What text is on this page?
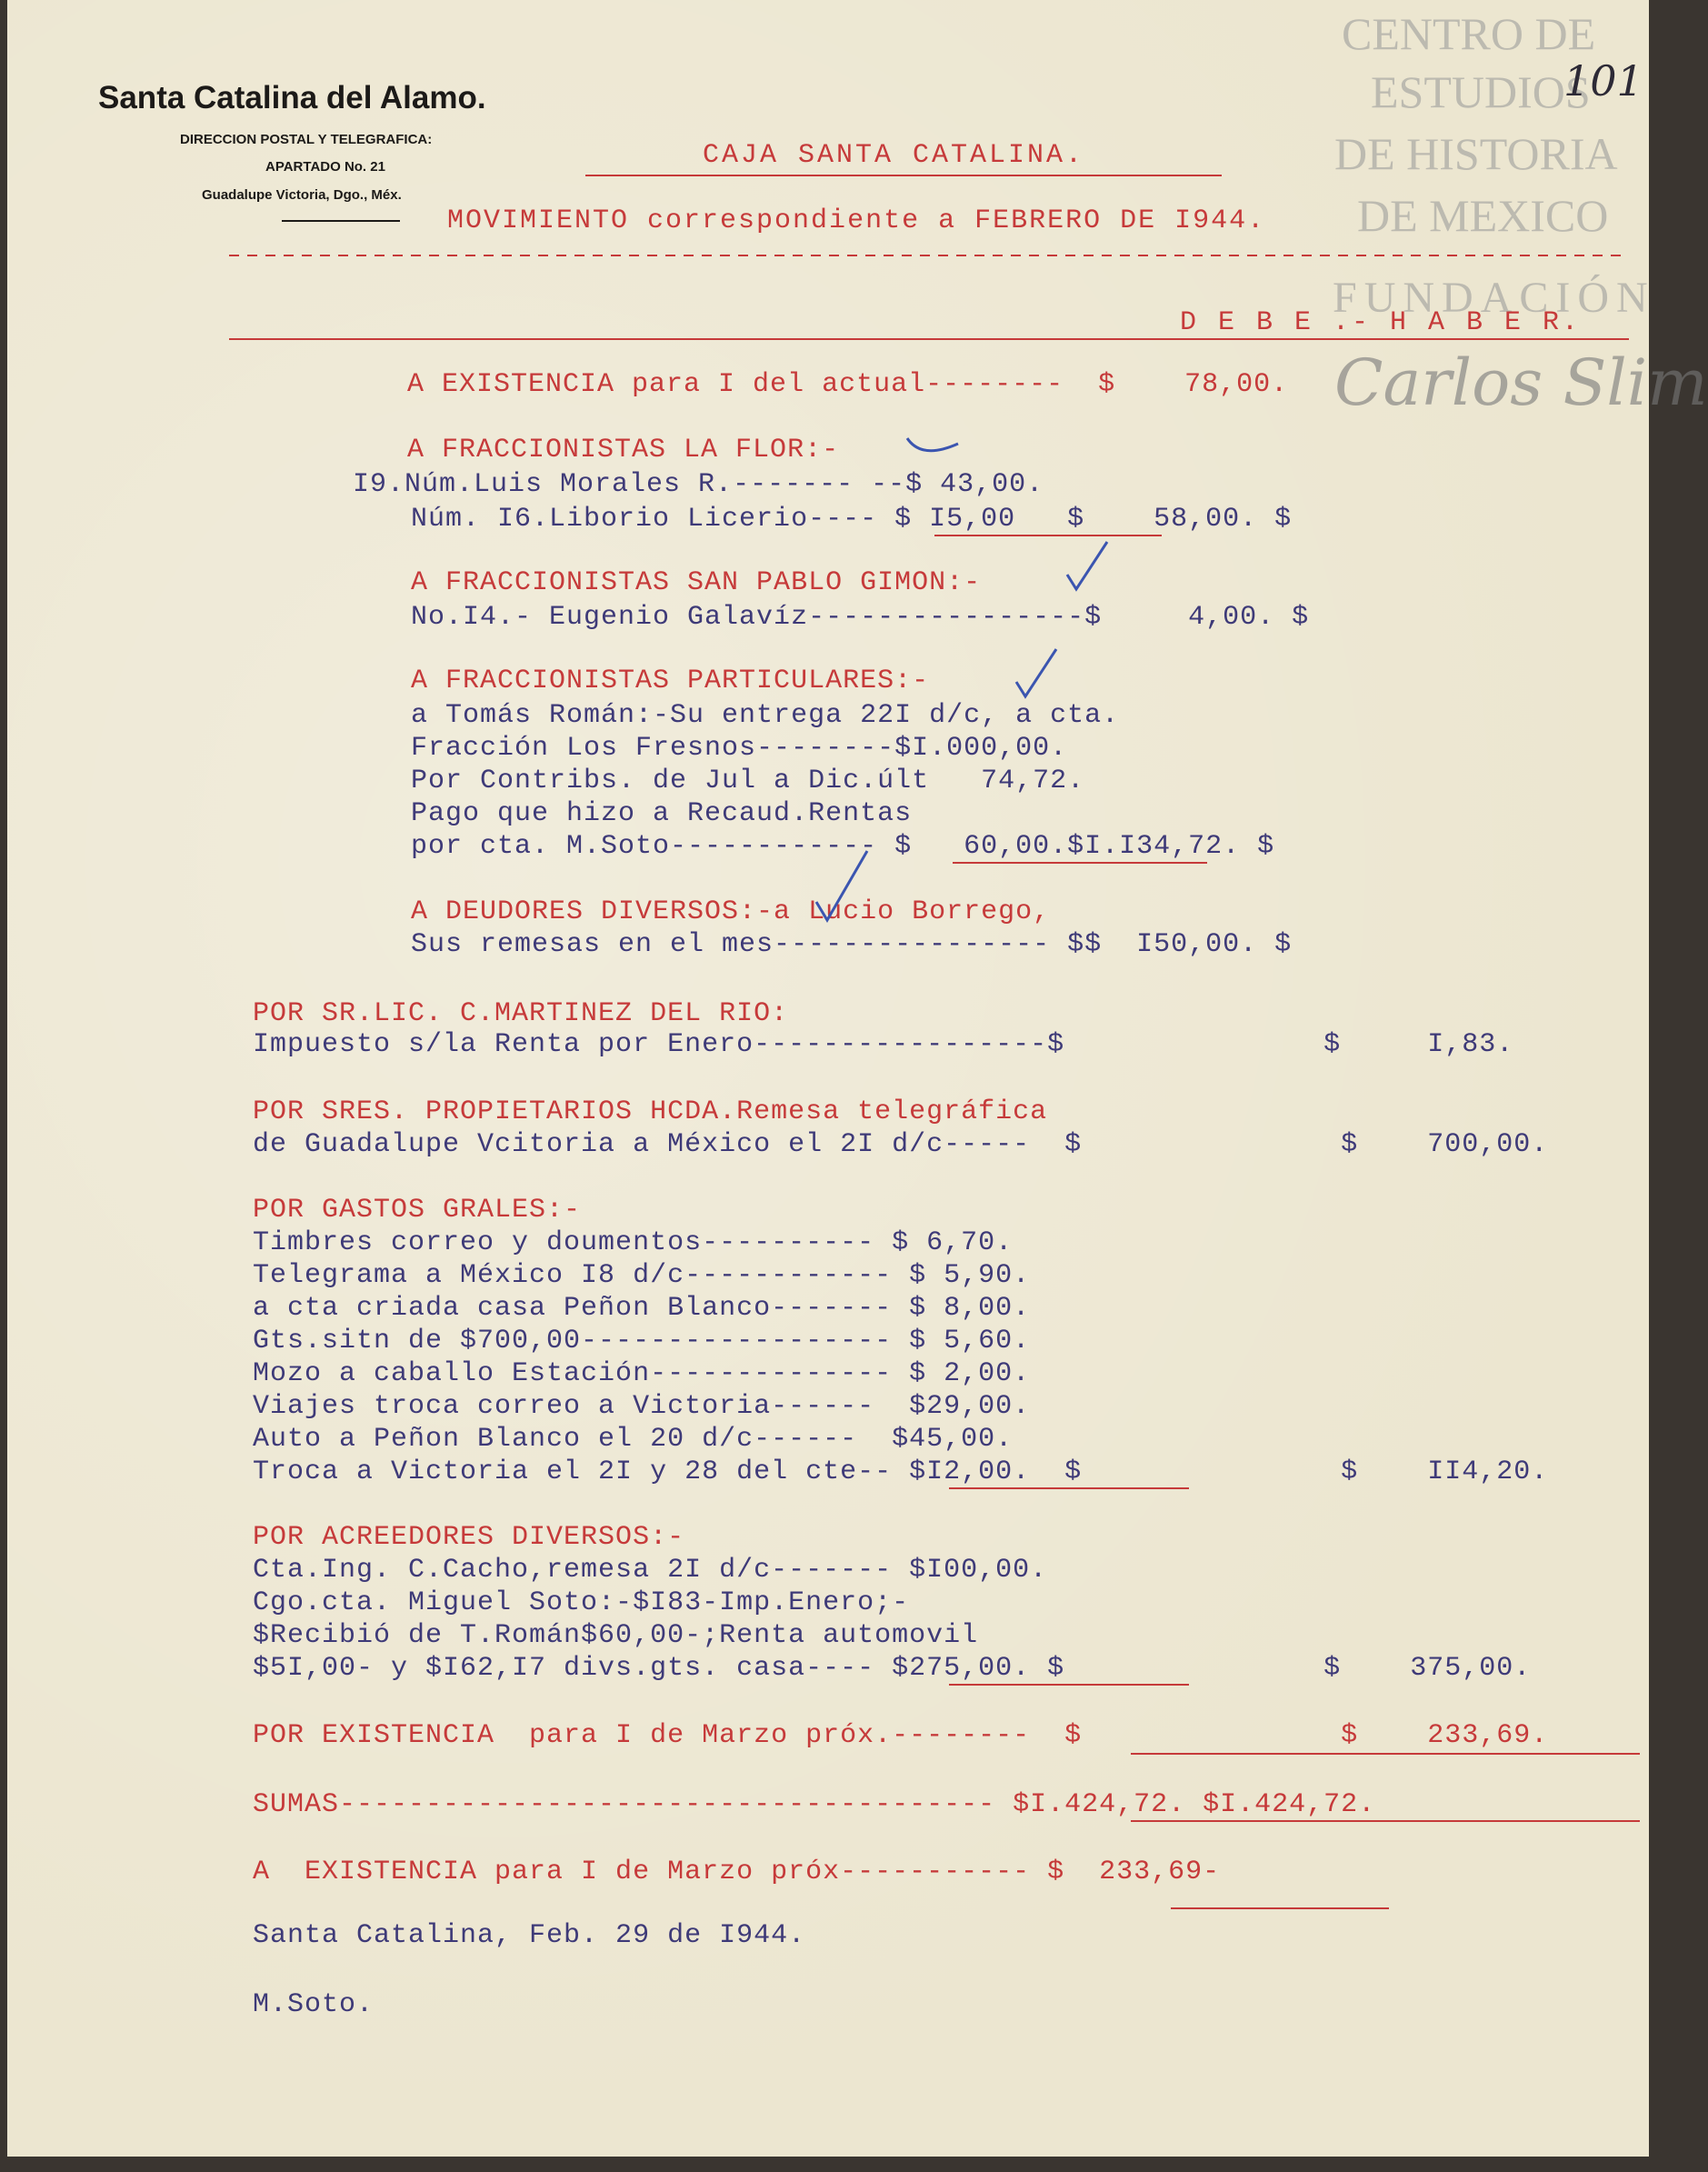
CENTRO DE
ESTUDIOS
DE HISTORIA
DE MEXICO
FUNDACIÓN
Carlos Slim
101
Santa Catalina del Alamo.
DIRECCION POSTAL Y TELEGRAFICA:
APARTADO No. 21
Guadalupe Victoria, Dgo., Méx.
CAJA SANTA CATALINA.
MOVIMIENTO correspondiente a FEBRERO DE I944.
D E B E .- H A B E R.
A EXISTENCIA para I del actual--------  $    78,00.
A FRACCIONISTAS LA FLOR:-
I9.Núm.Luis Morales R.------- --$ 43,00.
Núm. I6.Liborio Licerio---- $ I5,00   $    58,00. $
A FRACCIONISTAS SAN PABLO GIMON:-
No.I4.- Eugenio Galavíz----------------$     4,00. $
A FRACCIONISTAS PARTICULARES:-
a Tomás Román:-Su entrega 22I d/c, a cta.
Fracción Los Fresnos--------$I.000,00.
Por Contribs. de Jul a Dic.últ   74,72.
Pago que hizo a Recaud.Rentas
por cta. M.Soto------------ $   60,00.$I.I34,72. $
A DEUDORES DIVERSOS:-a Lucio Borrego,
Sus remesas en el mes---------------- $$  I50,00. $
POR SR.LIC. C.MARTINEZ DEL RIO:
Impuesto s/la Renta por Enero-----------------$               $     I,83.
POR SRES. PROPIETARIOS HCDA.Remesa telegráfica
de Guadalupe Vcitoria a México el 2I d/c-----  $               $    700,00.
POR GASTOS GRALES:-
Timbres correo y doumentos---------- $ 6,70.
Telegrama a México I8 d/c------------ $ 5,90.
a cta criada casa Peñon Blanco------- $ 8,00.
Gts.sitn de $700,00------------------ $ 5,60.
Mozo a caballo Estación-------------- $ 2,00.
Viajes troca correo a Victoria------  $29,00.
Auto a Peñon Blanco el 20 d/c------  $45,00.
Troca a Victoria el 2I y 28 del cte-- $I2,00.  $               $    II4,20.
POR ACREEDORES DIVERSOS:-
Cta.Ing. C.Cacho,remesa 2I d/c------- $I00,00.
Cgo.cta. Miguel Soto:-$I83-Imp.Enero;-
$Recibió de T.Román$60,00-;Renta automovil
$5I,00- y $I62,I7 divs.gts. casa---- $275,00. $               $    375,00.
POR EXISTENCIA  para I de Marzo próx.--------  $               $    233,69.
SUMAS-------------------------------------- $I.424,72. $I.424,72.
A  EXISTENCIA para I de Marzo próx----------- $  233,69-
Santa Catalina, Feb. 29 de I944.
M.Soto.
